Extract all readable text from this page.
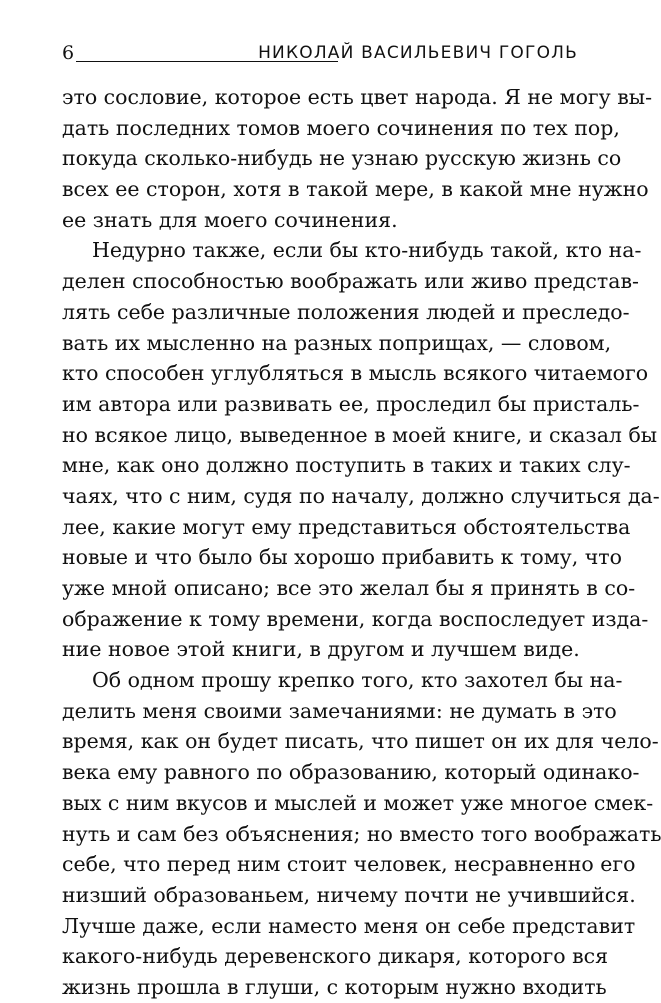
6	НИКОЛАЙ ВАСИЛЬЕВИЧ ГОГОЛЬ
это сословие, которое есть цвет народа. Я не могу вы-
дать последних томов моего сочинения по тех пор,
покуда сколько-нибудь не узнаю русскую жизнь со
всех ее сторон, хотя в такой мере, в какой мне нужно
ее знать для моего сочинения.
Недурно также, если бы кто-нибудь такой, кто на-
делен способностью воображать или живо представ-
лять себе различные положения людей и преследо-
вать их мысленно на разных поприщах, — словом,
кто способен углубляться в мысль всякого читаемого
им автора или развивать ее, проследил бы присталь-
но всякое лицо, выведенное в моей книге, и сказал бы
мне, как оно должно поступить в таких и таких слу-
чаях, что с ним, судя по началу, должно случиться да-
лее, какие могут ему представиться обстоятельства
новые и что было бы хорошо прибавить к тому, что
уже мной описано; все это желал бы я принять в со-
ображение к тому времени, когда воспоследует изда-
ние новое этой книги, в другом и лучшем виде.
Об одном прошу крепко того, кто захотел бы на-
делить меня своими замечаниями: не думать в это
время, как он будет писать, что пишет он их для чело-
века ему равного по образованию, который одинако-
вых с ним вкусов и мыслей и может уже многое смек-
нуть и сам без объяснения; но вместо того воображать
себе, что перед ним стоит человек, несравненно его
низший образованьем, ничему почти не учившийся.
Лучше даже, если наместо меня он себе представит
какого-нибудь деревенского дикаря, которого вся
жизнь прошла в глуши, с которым нужно входить
